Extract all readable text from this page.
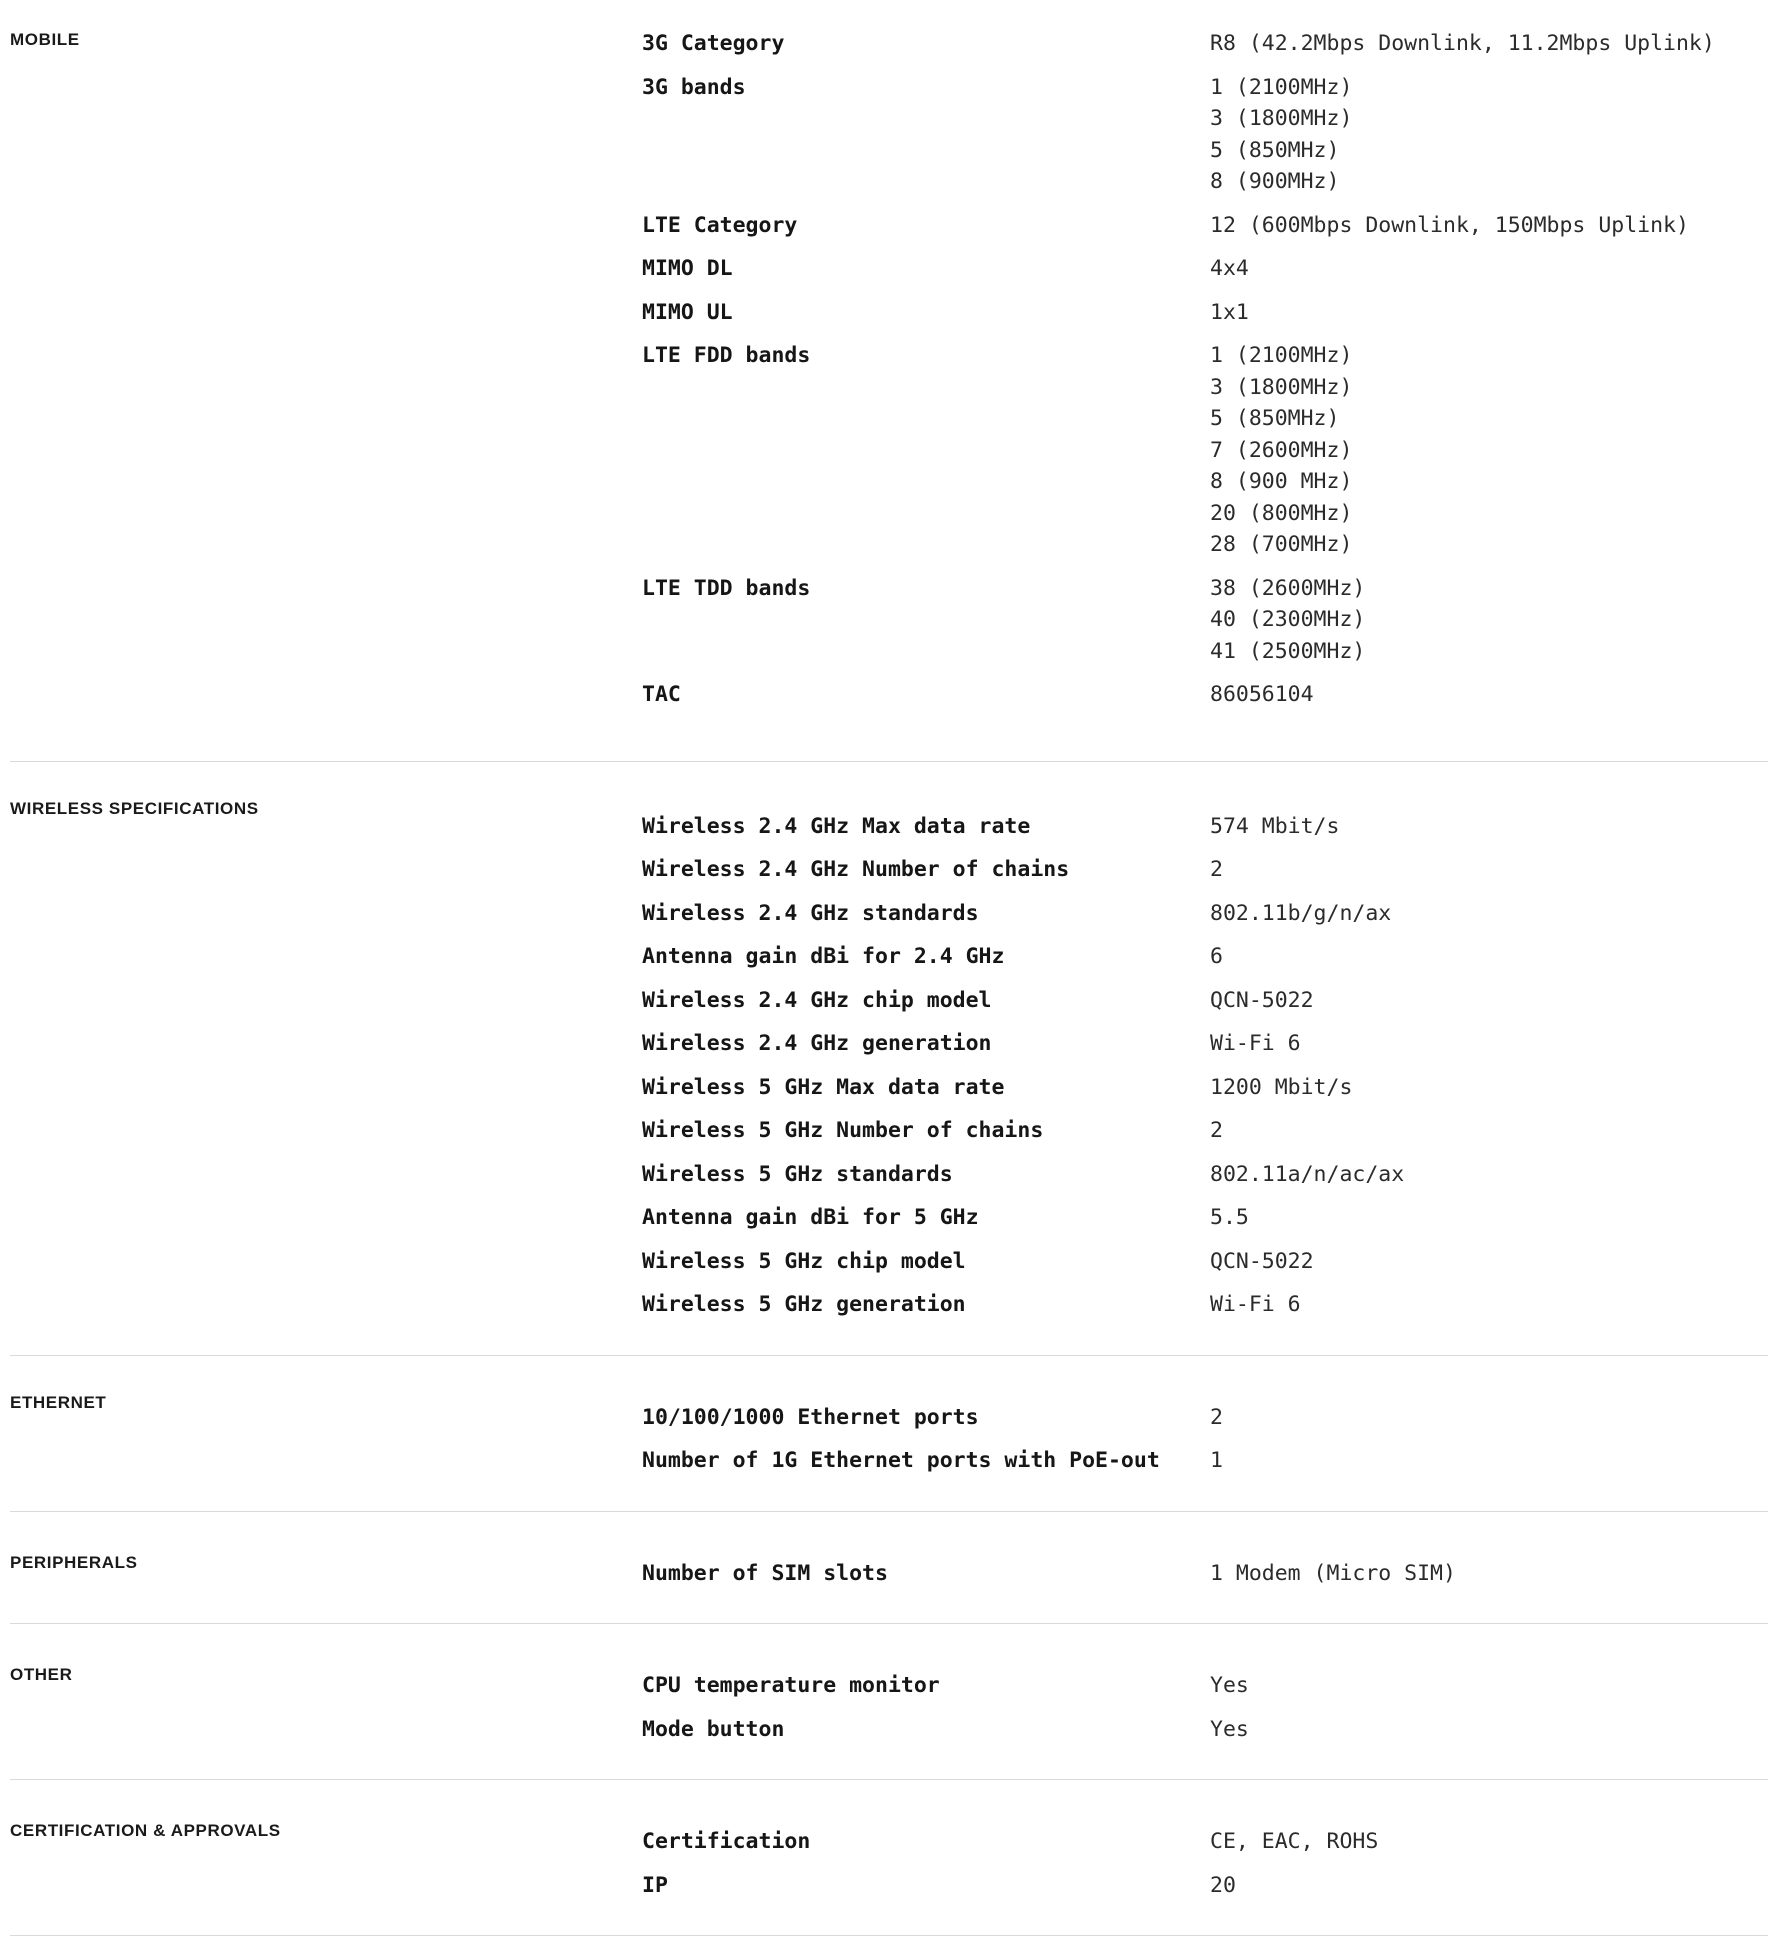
MOBILE	3G Category	R8 (42.2Mbps Downlink, 11.2Mbps Uplink)
3G bands	1 (2100MHz)
3 (1800MHz)
5 (850MHz)
8 (900MHz)
LTE Category	12 (600Mbps Downlink, 150Mbps Uplink)
MIMO DL	4x4
MIMO UL	1x1
LTE FDD bands	1 (2100MHz)
3 (1800MHz)
5 (850MHz)
7 (2600MHz)
8 (900 MHz)
20 (800MHz)
28 (700MHz)
LTE TDD bands	38 (2600MHz)
40 (2300MHz)
41 (2500MHz)
TAC	86056104
WIRELESS SPECIFICATIONS
Wireless 2.4 GHz Max data rate	574 Mbit/s
Wireless 2.4 GHz Number of chains	2
Wireless 2.4 GHz standards	802.11b/g/n/ax
Antenna gain dBi for 2.4 GHz	6
Wireless 2.4 GHz chip model	QCN-5022
Wireless 2.4 GHz generation	Wi-Fi 6
Wireless 5 GHz Max data rate	1200 Mbit/s
Wireless 5 GHz Number of chains	2
Wireless 5 GHz standards	802.11a/n/ac/ax
Antenna gain dBi for 5 GHz	5.5
Wireless 5 GHz chip model	QCN-5022
Wireless 5 GHz generation	Wi-Fi 6
ETHERNET
10/100/1000 Ethernet ports	2
Number of 1G Ethernet ports with PoE-out	1
PERIPHERALS	Number of SIM slots	1 Modem (Micro SIM)
OTHER	CPU temperature monitor	Yes
Mode button	Yes
CERTIFICATION & APPROVALS	Certification	CE, EAC, ROHS
IP	20
